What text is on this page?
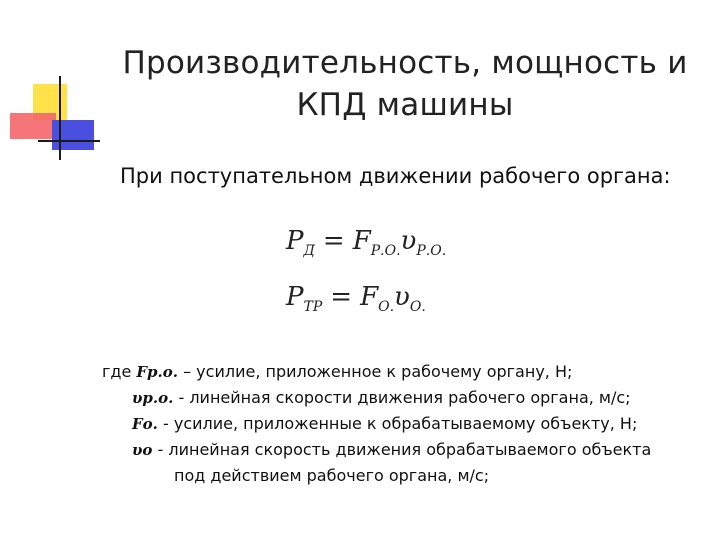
Производительность, мощность и
КПД машины
При поступательном движении рабочего органа:
$P_Д = F_{Р.О.}\upsilon_{Р.О.}$
$P_{ТР} = F_{О.}\upsilon_{О.}$
где Fр.о. – усилие, приложенное к рабочему органу, Н;
υр.о. - линейная скорости движения рабочего органа, м/с;
Fо. - усилие, приложенные к обрабатываемому объекту, Н;
υо - линейная скорость движения обрабатываемого объекта
под действием рабочего органа, м/с;
